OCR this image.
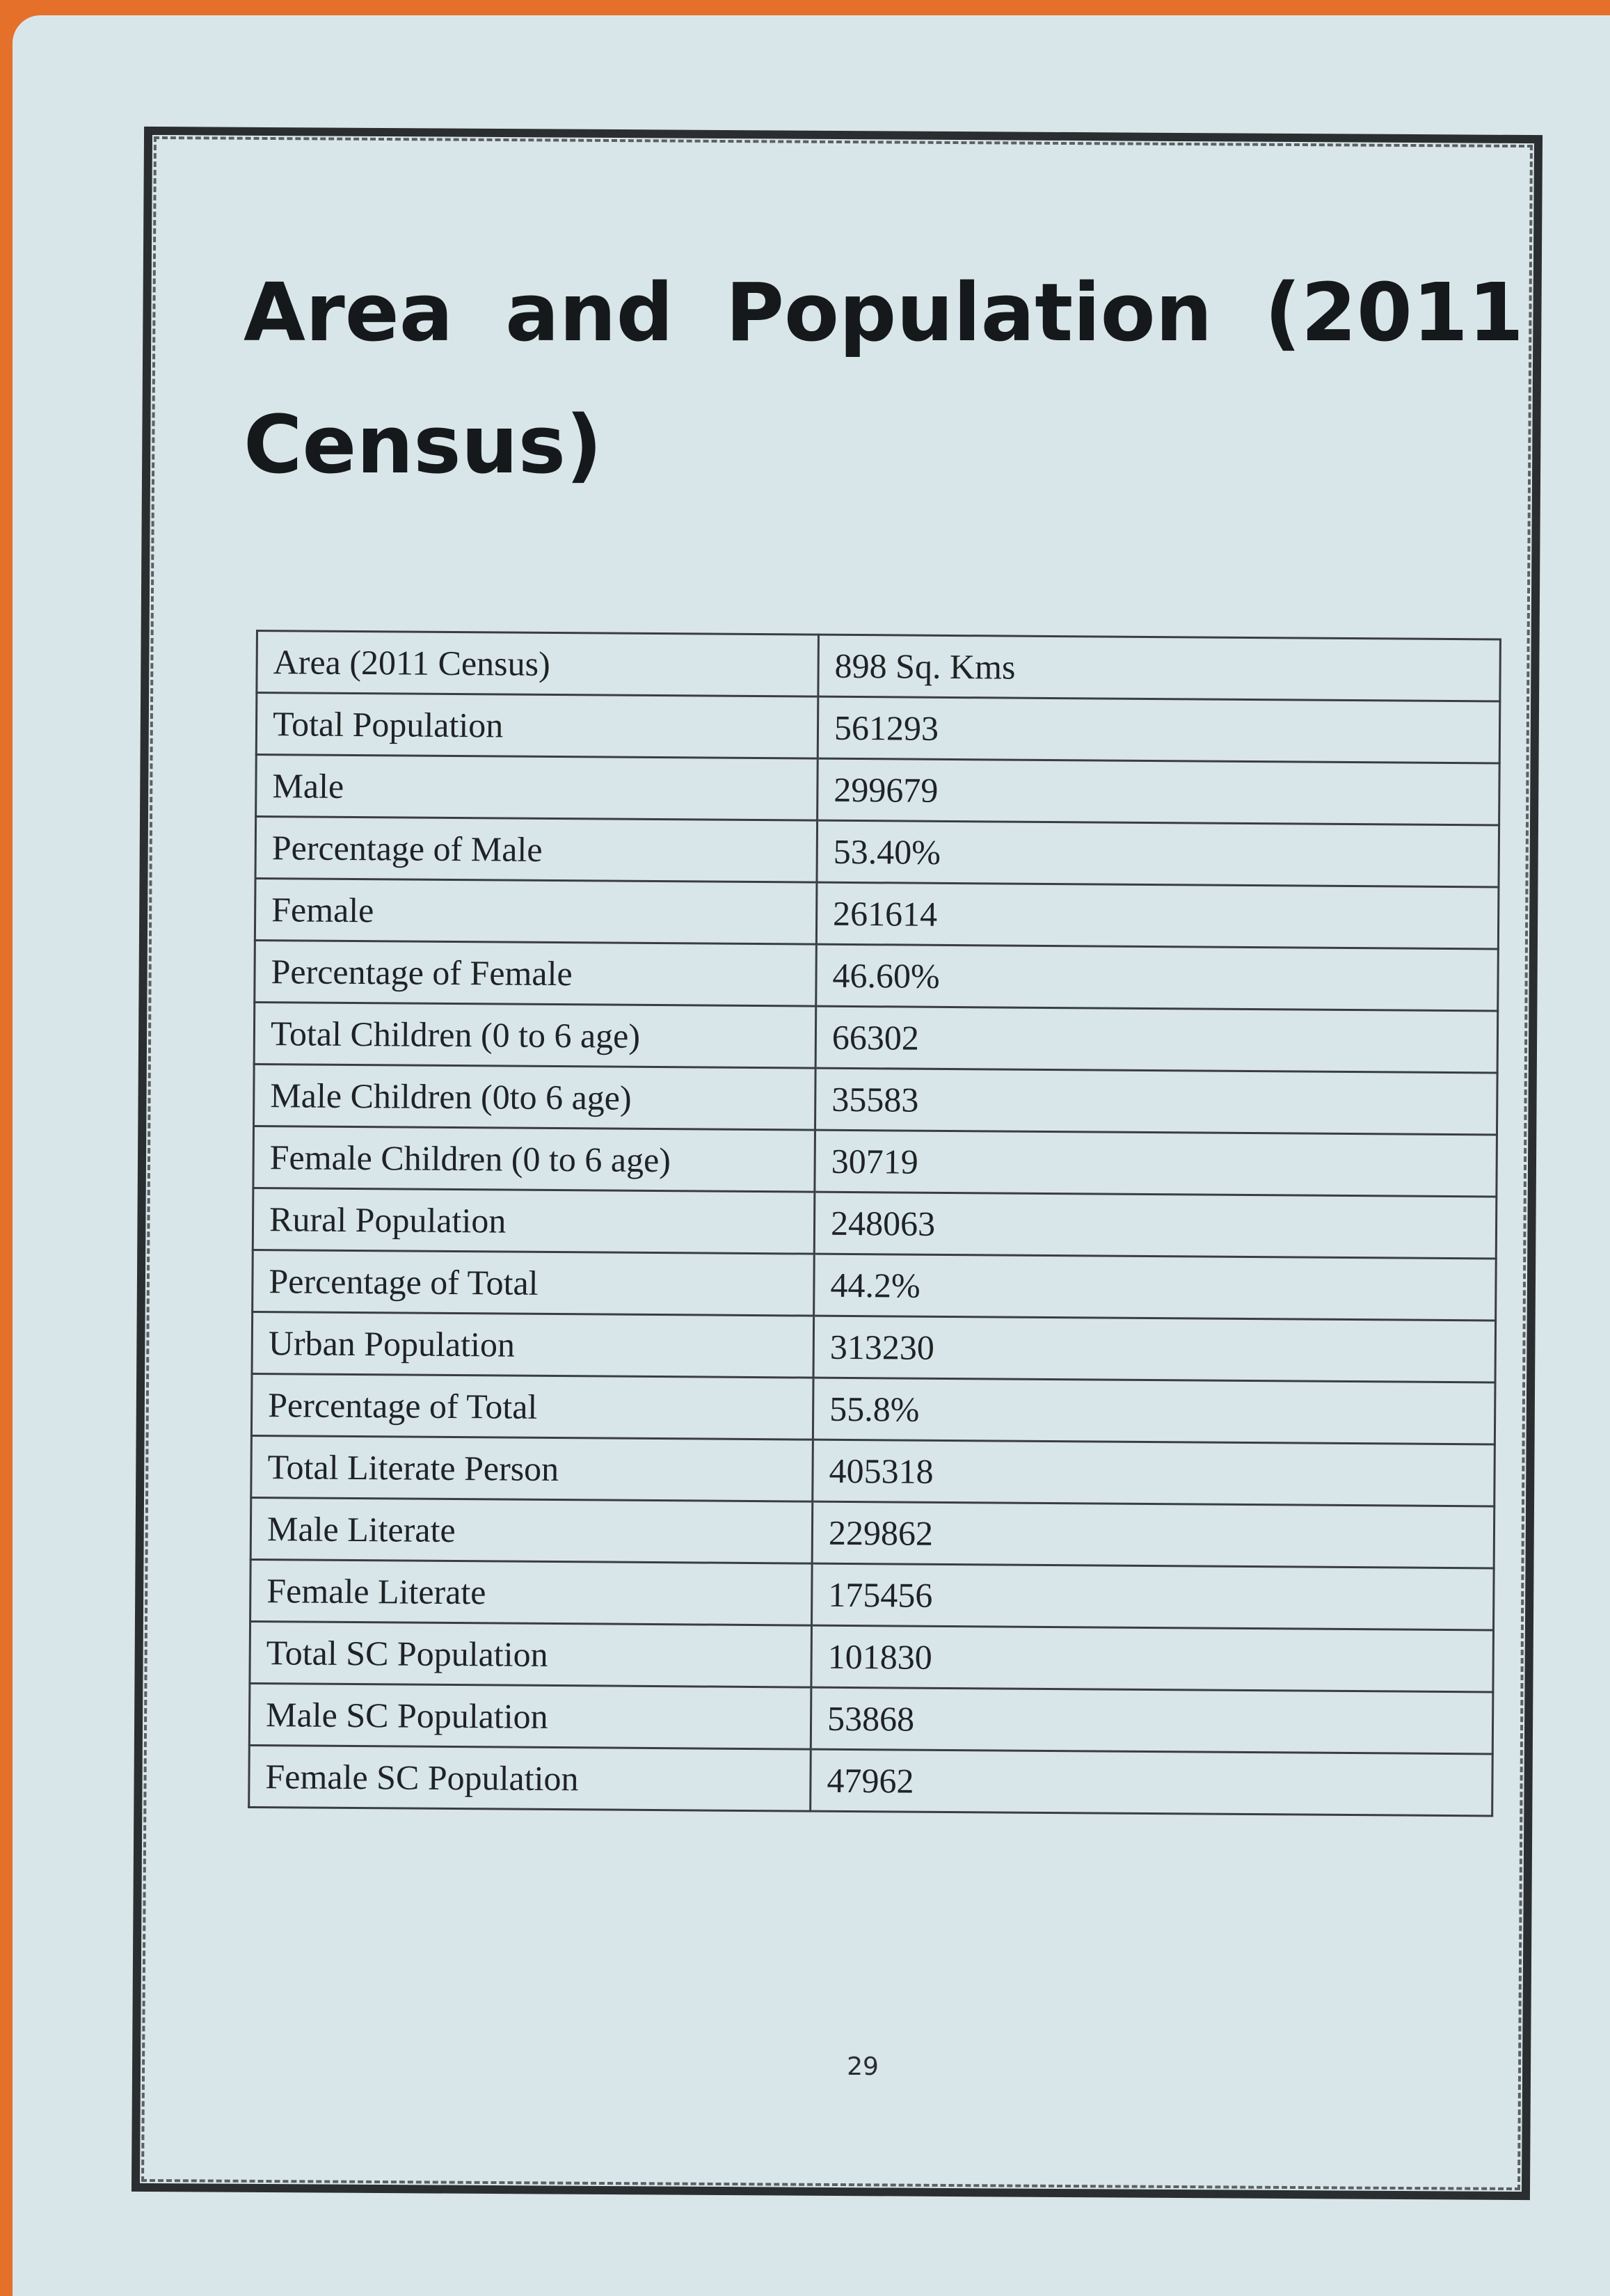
Area and Population (2011 Census)
Area (2011 Census)	898 Sq. Kms
Total Population	561293
Male	299679
Percentage of Male	53.40%
Female	261614
Percentage of Female	46.60%
Total Children (0 to 6 age)	66302
Male Children (0to 6 age)	35583
Female Children (0 to 6 age)	30719
Rural Population	248063
Percentage of Total	44.2%
Urban Population	313230
Percentage of Total	55.8%
Total Literate Person	405318
Male Literate	229862
Female Literate	175456
Total SC Population	101830
Male SC Population	53868
Female SC Population	47962
29
